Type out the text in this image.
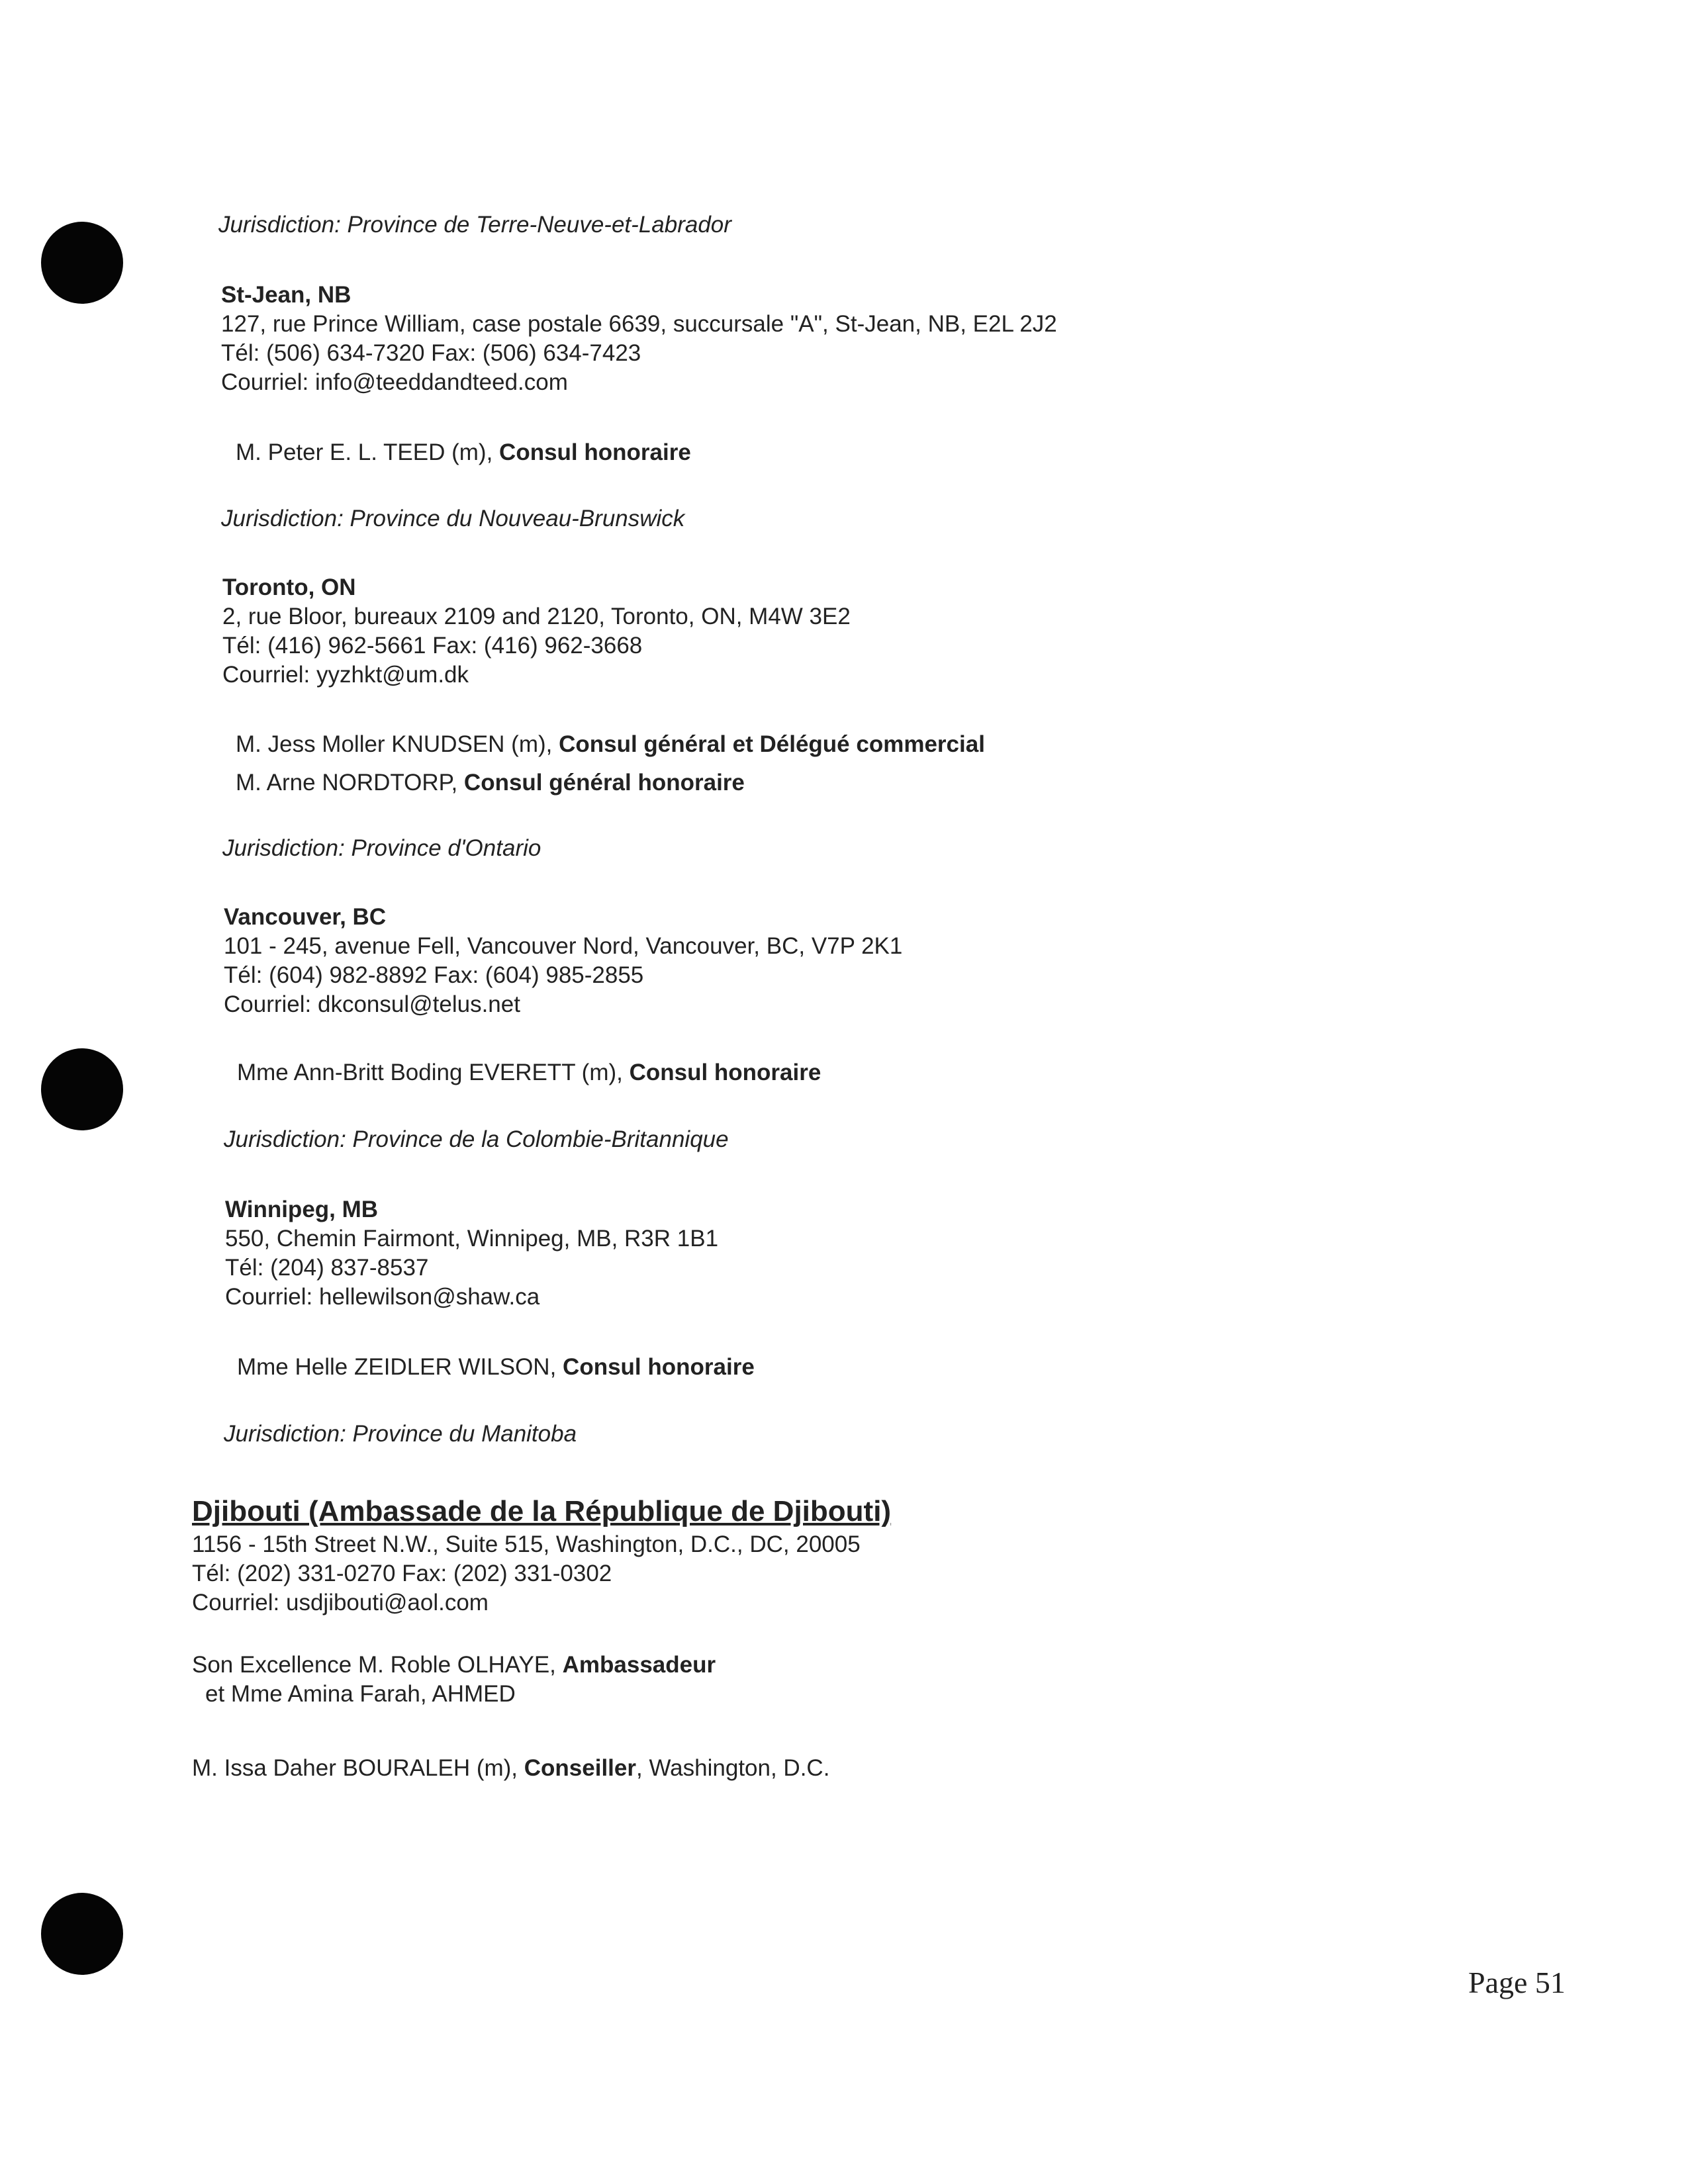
Jurisdiction: Province de Terre-Neuve-et-Labrador
St-Jean, NB
127, rue Prince William, case postale 6639, succursale "A", St-Jean, NB, E2L 2J2
Tél: (506) 634-7320 Fax: (506) 634-7423
Courriel: info@teeddandteed.com
M. Peter E. L. TEED (m), Consul honoraire
Jurisdiction: Province du Nouveau-Brunswick
Toronto, ON
2, rue Bloor, bureaux 2109 and 2120, Toronto, ON, M4W 3E2
Tél: (416) 962-5661 Fax: (416) 962-3668
Courriel: yyzhkt@um.dk
M. Jess Moller KNUDSEN (m), Consul général et Délégué commercial
M. Arne NORDTORP, Consul général honoraire
Jurisdiction: Province d'Ontario
Vancouver, BC
101 - 245, avenue Fell, Vancouver Nord, Vancouver, BC, V7P 2K1
Tél: (604) 982-8892 Fax: (604) 985-2855
Courriel: dkconsul@telus.net
Mme Ann-Britt Boding EVERETT (m), Consul honoraire
Jurisdiction: Province de la Colombie-Britannique
Winnipeg, MB
550, Chemin Fairmont, Winnipeg, MB, R3R 1B1
Tél: (204) 837-8537
Courriel: hellewilson@shaw.ca
Mme Helle ZEIDLER WILSON, Consul honoraire
Jurisdiction: Province du Manitoba
Djibouti (Ambassade de la République de Djibouti)
1156 - 15th Street N.W., Suite 515, Washington, D.C., DC, 20005
Tél: (202) 331-0270 Fax: (202) 331-0302
Courriel: usdjibouti@aol.com
Son Excellence M. Roble OLHAYE, Ambassadeur
et Mme Amina Farah, AHMED
M. Issa Daher BOURALEH (m), Conseiller, Washington, D.C.
Page 51
